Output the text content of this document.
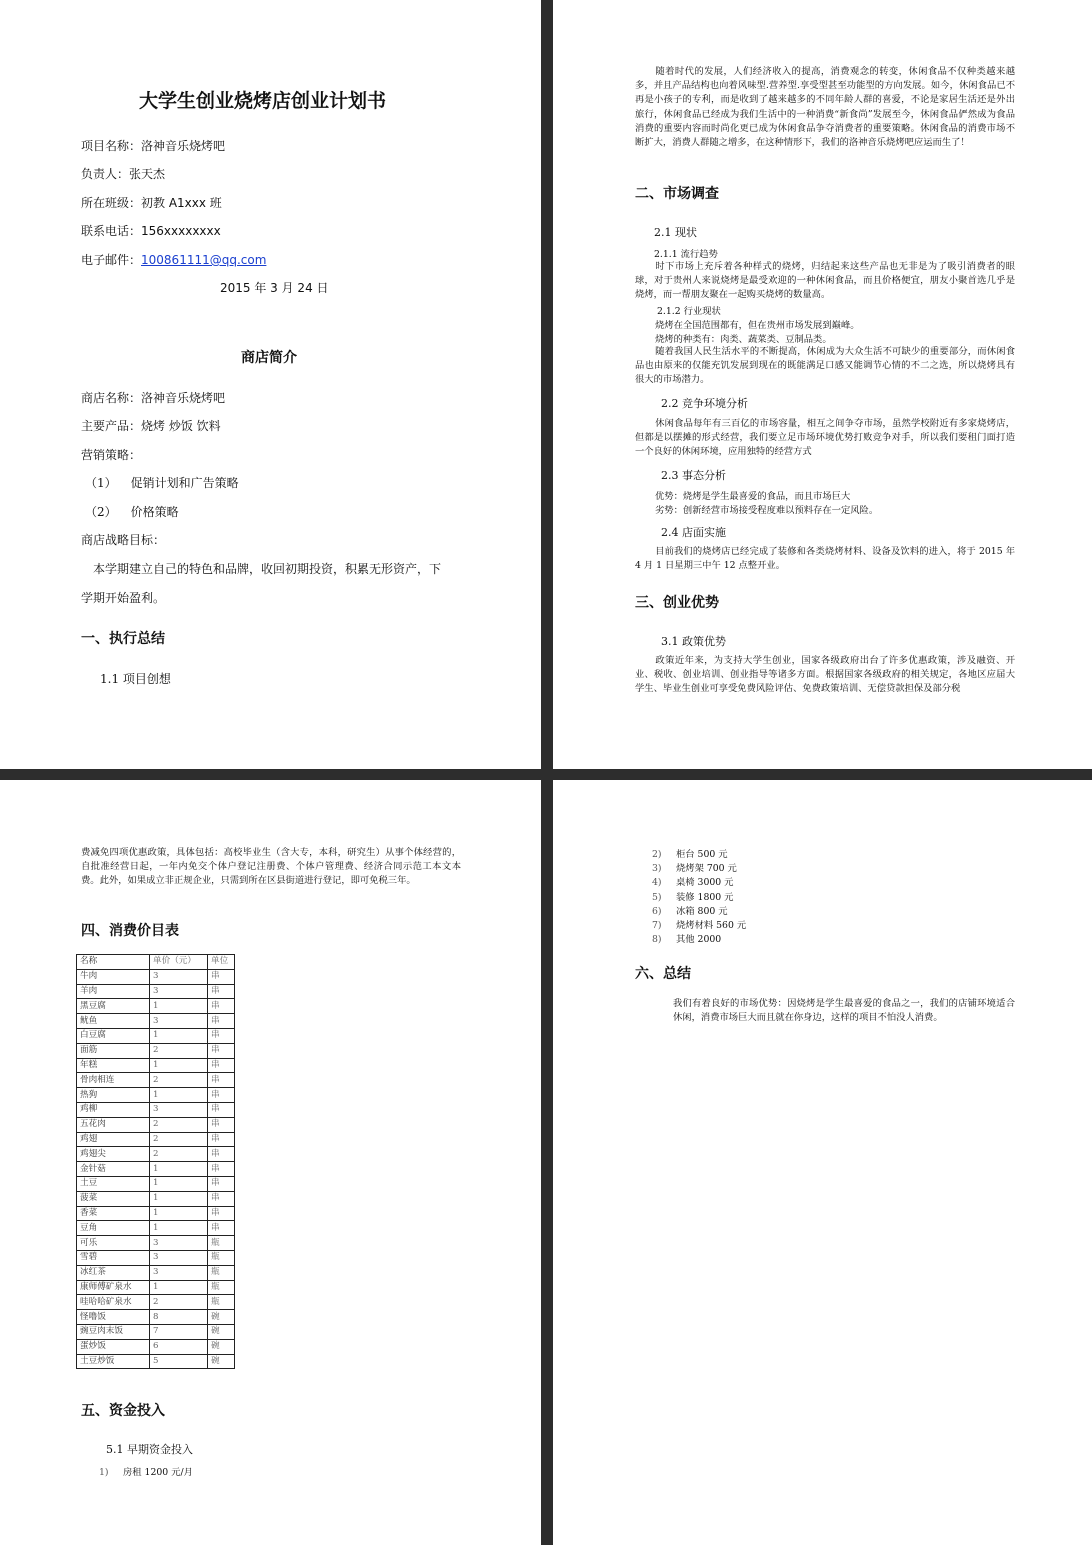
大学生创业烧烤店创业计划书
项目名称：洛神音乐烧烤吧
负责人：张天杰
所在班级：初教 A1xxx 班
联系电话：156xxxxxxxx
电子邮件：100861111@qq.com
2015 年 3 月 24 日
商店简介
商店名称：洛神音乐烧烤吧
主要产品：烧烤 炒饭 饮料
营销策略：
（1） 促销计划和广告策略
（2） 价格策略
商店战略目标：
本学期建立自己的特色和品牌，收回初期投资，积累无形资产，下
学期开始盈利。
一、执行总结
1.1 项目创想
随着时代的发展，人们经济收入的提高，消费观念的转变，休闲食品不仅种类越来越多，并且产品结构也向着风味型.营养型.享受型甚至功能型的方向发展。如今，休闲食品已不再是小孩子的专利，而是收到了越来越多的不同年龄人群的喜爱，不论是家居生活还是外出旅行，休闲食品已经成为我们生活中的一种消费“新食尚”发展至今，休闲食品俨然成为食品消费的重要内容而时尚化更已成为休闲食品争夺消费者的重要策略。休闲食品的消费市场不断扩大，消费人群随之增多，在这种情形下，我们的洛神音乐烧烤吧应运而生了！
二、市场调查
2.1 现状
2.1.1 流行趋势
时下市场上充斥着各种样式的烧烤，归结起来这些产品也无非是为了吸引消费者的眼球，对于贵州人来说烧烤是最受欢迎的一种休闲食品，而且价格便宜，朋友小聚首选几乎是烧烤，而一帮朋友聚在一起购买烧烤的数量高。
2.1.2 行业现状
烧烤在全国范围都有，但在贵州市场发展到巅峰。
烧烤的种类有：肉类、蔬菜类、豆制品类。
随着我国人民生活水平的不断提高，休闲成为大众生活不可缺少的重要部分，而休闲食品也由原来的仅能充饥发展到现在的既能满足口感又能调节心情的不二之选，所以烧烤具有很大的市场潜力。
2.2 竞争环境分析
休闲食品每年有三百亿的市场容量，相互之间争夺市场，虽然学校附近有多家烧烤店，但都是以摆摊的形式经营，我们要立足市场环境优势打败竞争对手，所以我们要租门面打造一个良好的休闲环境，应用独特的经营方式
2.3 事态分析
优势：烧烤是学生最喜爱的食品，而且市场巨大
劣势：创新经营市场接受程度难以预料存在一定风险。
2.4 店面实施
目前我们的烧烤店已经完成了装修和各类烧烤材料、设备及饮料的进入，将于 2015 年 4 月 1 日星期三中午 12 点整开业。
三、创业优势
3.1 政策优势
政策近年来，为支持大学生创业，国家各级政府出台了许多优惠政策，涉及融资、开业、税收、创业培训、创业指导等诸多方面。根据国家各级政府的相关规定，各地区应届大学生、毕业生创业可享受免费风险评估、免费政策培训、无偿贷款担保及部分税
费减免四项优惠政策，具体包括：高校毕业生（含大专，本科，研究生）从事个体经营的，自批准经营日起，一年内免交个体户登记注册费、个体户管理费、经济合同示范工本文本费。此外，如果成立非正规企业，只需到所在区县街道进行登记，即可免税三年。
四、消费价目表
名称	单价（元）	单位
牛肉	3	串
羊肉	3	串
黑豆腐	1	串
鱿鱼	3	串
白豆腐	1	串
面筋	2	串
年糕	1	串
骨肉相连	2	串
热狗	1	串
鸡柳	3	串
五花肉	2	串
鸡翅	2	串
鸡翅尖	2	串
金针菇	1	串
土豆	1	串
菠菜	1	串
香菜	1	串
豆角	1	串
可乐	3	瓶
雪碧	3	瓶
冰红茶	3	瓶
康师傅矿泉水	1	瓶
哇哈哈矿泉水	2	瓶
怪噜饭	8	碗
豌豆肉末饭	7	碗
蛋炒饭	6	碗
土豆炒饭	5	碗
五、资金投入
5.1 早期资金投入
1) 房租 1200 元/月
2) 柜台 500 元
3) 烧烤架 700 元
4) 桌椅 3000 元
5) 装修 1800 元
6) 冰箱 800 元
7) 烧烤材料 560 元
8) 其他 2000
六、总结
我们有着良好的市场优势：因烧烤是学生最喜爱的食品之一，我们的店铺环境适合休闲，消费市场巨大而且就在你身边，这样的项目不怕没人消费。
